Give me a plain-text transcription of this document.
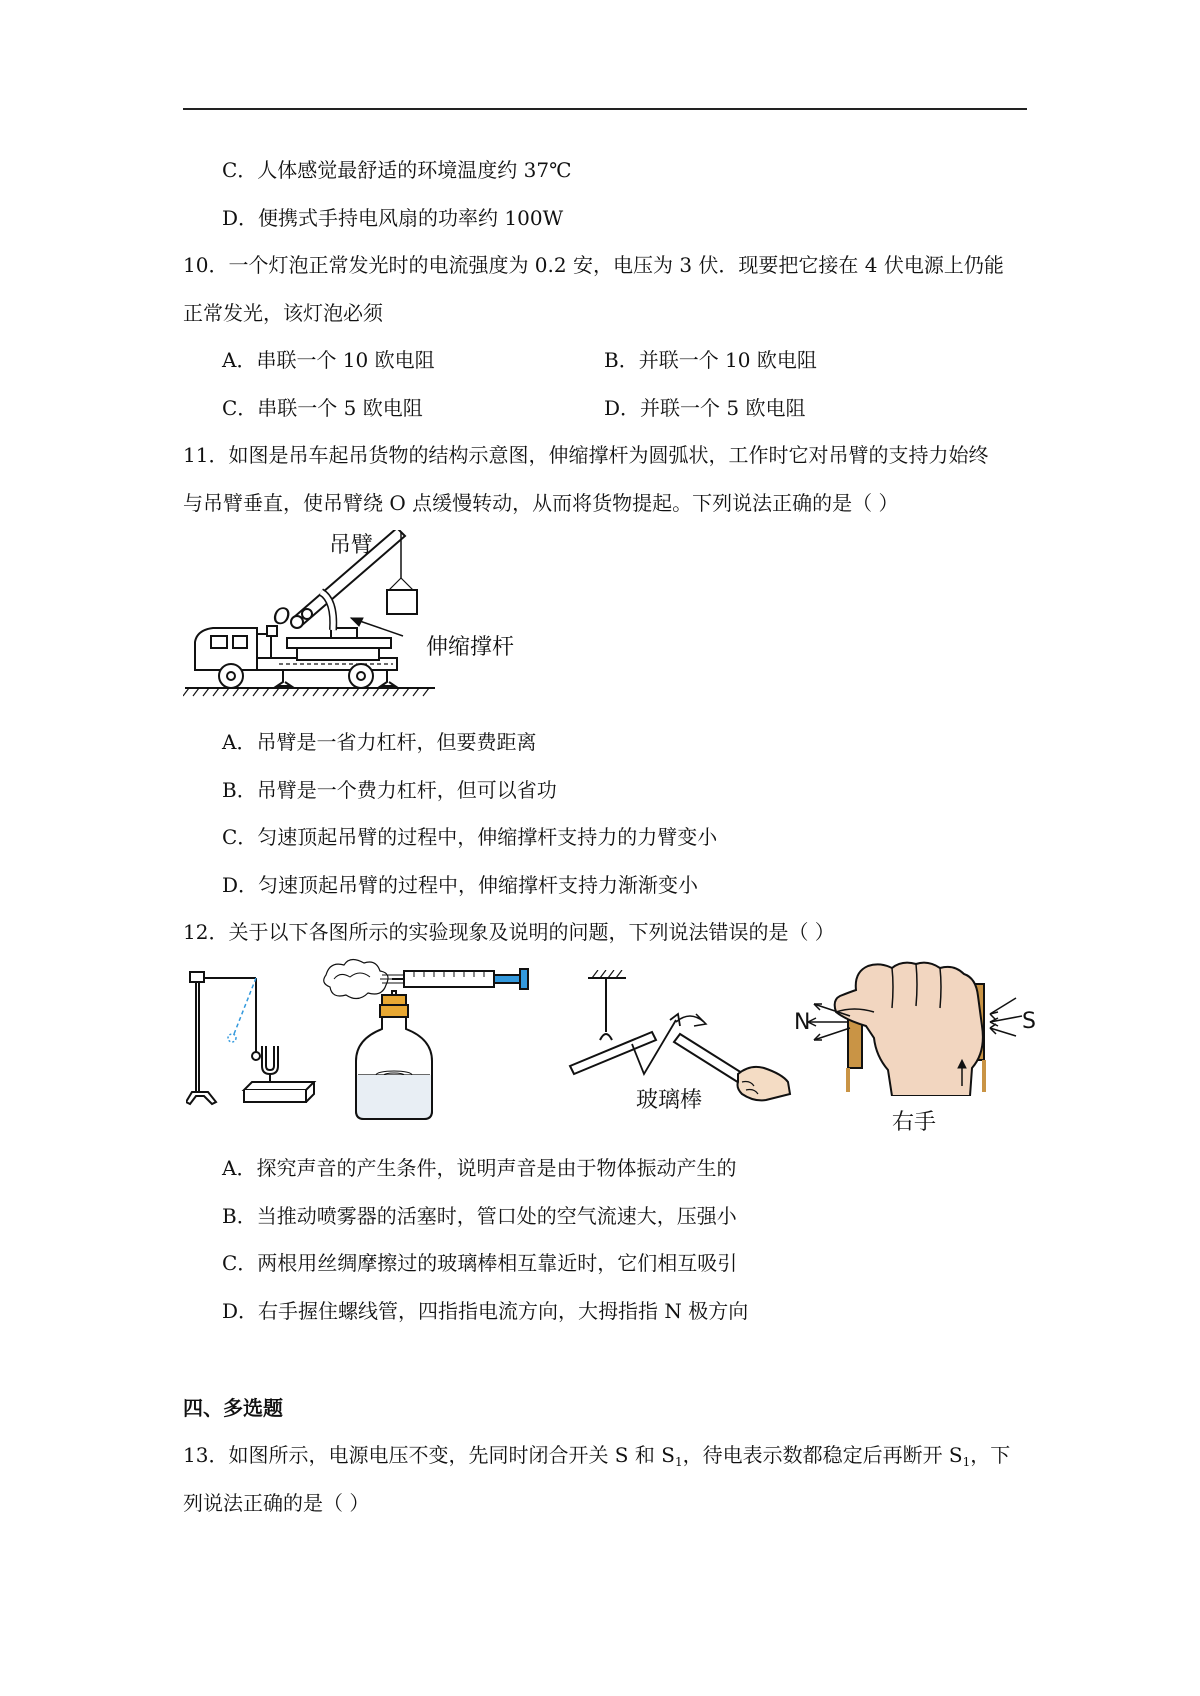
C．人体感觉最舒适的环境温度约 37℃
D．便携式手持电风扇的功率约 100W
10．一个灯泡正常发光时的电流强度为 0.2 安，电压为 3 伏．现要把它接在 4 伏电源上仍能
正常发光，该灯泡必须
A．串联一个 10 欧电阻	B．并联一个 10 欧电阻
C．串联一个 5 欧电阻	D．并联一个 5 欧电阻
11．如图是吊车起吊货物的结构示意图，伸缩撑杆为圆弧状，工作时它对吊臂的支持力始终
与吊臂垂直，使吊臂绕 O 点缓慢转动，从而将货物提起。下列说法正确的是（ ）
吊臂
O
伸缩撑杆
A．吊臂是一省力杠杆，但要费距离
B．吊臂是一个费力杠杆，但可以省功
C．匀速顶起吊臂的过程中，伸缩撑杆支持力的力臂变小
D．匀速顶起吊臂的过程中，伸缩撑杆支持力渐渐变小
12．关于以下各图所示的实验现象及说明的问题，下列说法错误的是（ ）
玻璃棒
N	S
右手
A．探究声音的产生条件，说明声音是由于物体振动产生的
B．当推动喷雾器的活塞时，管口处的空气流速大，压强小
C．两根用丝绸摩擦过的玻璃棒相互靠近时，它们相互吸引
D．右手握住螺线管，四指指电流方向，大拇指指 N 极方向
四、多选题
13．如图所示，电源电压不变，先同时闭合开关 S 和 $S_1$，待电表示数都稳定后再断开 $S_1$，下
列说法正确的是（ ）
